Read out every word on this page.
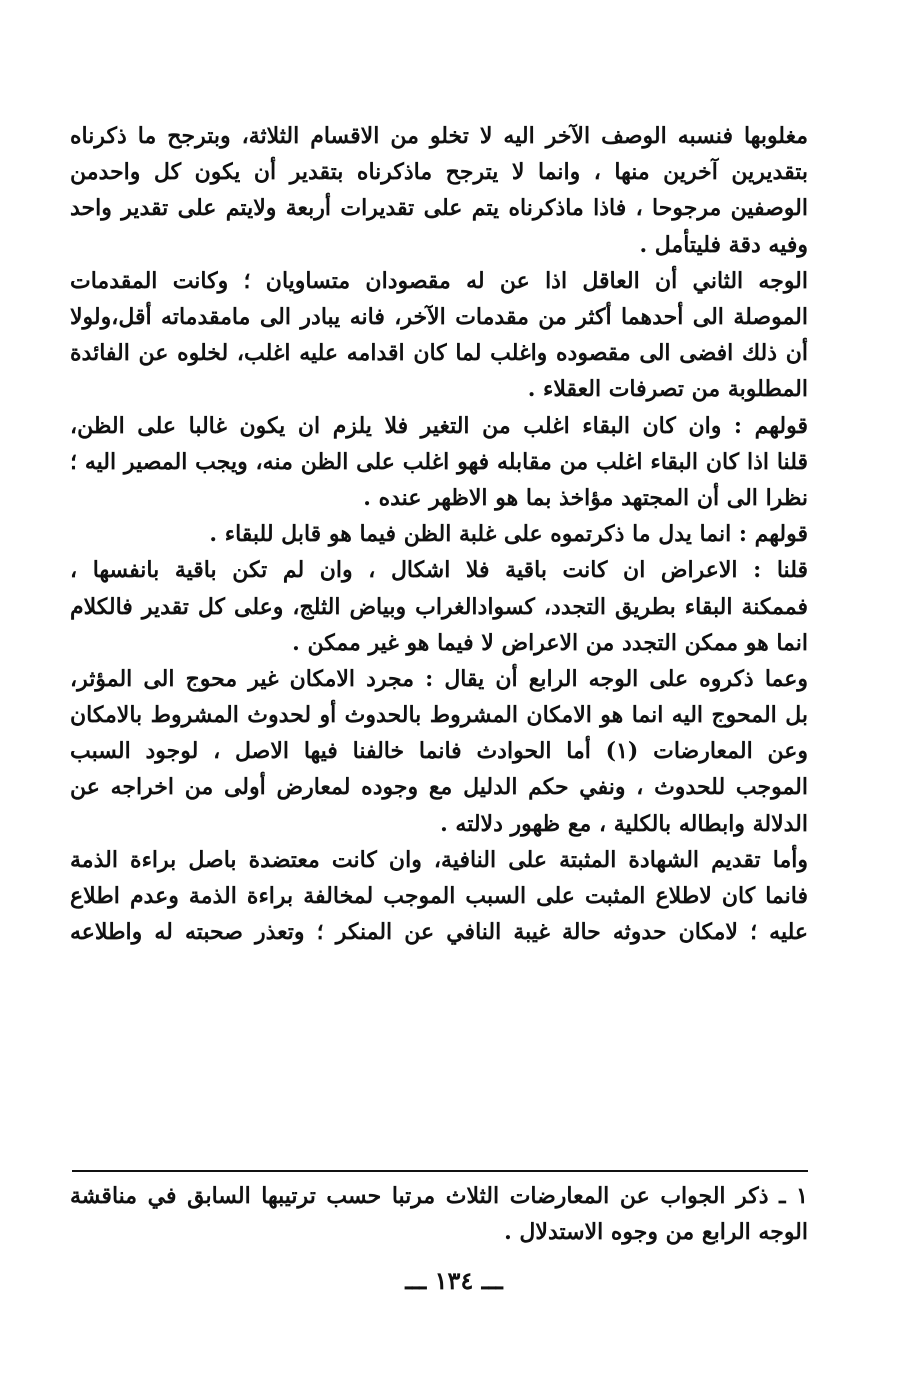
مغلوبها فنسبه الوصف الآخر اليه لا تخلو من الاقسام الثلاثة، وبترجح ما ذكرناه
بتقديرين آخرين منها ، وانما لا يترجح ماذكرناه بتقدير أن يكون كل واحدمن
الوصفين مرجوحا ، فاذا ماذكرناه يتم على تقديرات أربعة ولايتم على تقدير واحد
وفيه دقة فليتأمل .
الوجه الثاني أن العاقل اذا عن له مقصودان متساويان ؛ وكانت المقدمات
الموصلة الى أحدهما أكثر من مقدمات الآخر، فانه يبادر الى مامقدماته أقل،ولولا
أن ذلك افضى الى مقصوده واغلب لما كان اقدامه عليه اغلب، لخلوه عن الفائدة
المطلوبة من تصرفات العقلاء .
قولهم : وان كان البقاء اغلب من التغير فلا يلزم ان يكون غالبا على الظن،
قلنا اذا كان البقاء اغلب من مقابله فهو اغلب على الظن منه، ويجب المصير اليه ؛
نظرا الى أن المجتهد مؤاخذ بما هو الاظهر عنده .
قولهم : انما يدل ما ذكرتموه على غلبة الظن فيما هو قابل للبقاء .
قلنا : الاعراض ان كانت باقية فلا اشكال ، وان لم تكن باقية بانفسها ،
فممكنة البقاء بطريق التجدد، كسوادالغراب وبياض الثلج، وعلى كل تقدير فالكلام
انما هو ممكن التجدد من الاعراض لا فيما هو غير ممكن .
وعما ذكروه على الوجه الرابع أن يقال : مجرد الامكان غير محوج الى المؤثر،
بل المحوج اليه انما هو الامكان المشروط بالحدوث أو لحدوث المشروط بالامكان
وعن المعارضات (١) أما الحوادث فانما خالفنا فيها الاصل ، لوجود السبب
الموجب للحدوث ، ونفي حكم الدليل مع وجوده لمعارض أولى من اخراجه عن
الدلالة وابطاله بالكلية ، مع ظهور دلالته .
وأما تقديم الشهادة المثبتة على النافية، وان كانت معتضدة باصل براءة الذمة
فانما كان لاطلاع المثبت على السبب الموجب لمخالفة براءة الذمة وعدم اطلاع
عليه ؛ لامكان حدوثه حالة غيبة النافي عن المنكر ؛ وتعذر صحبته له واطلاعه
١ ـ ذكر الجواب عن المعارضات الثلاث مرتبا حسب ترتيبها السابق في مناقشة
الوجه الرابع من وجوه الاستدلال .
ـــ ١٣٤ ـــ
